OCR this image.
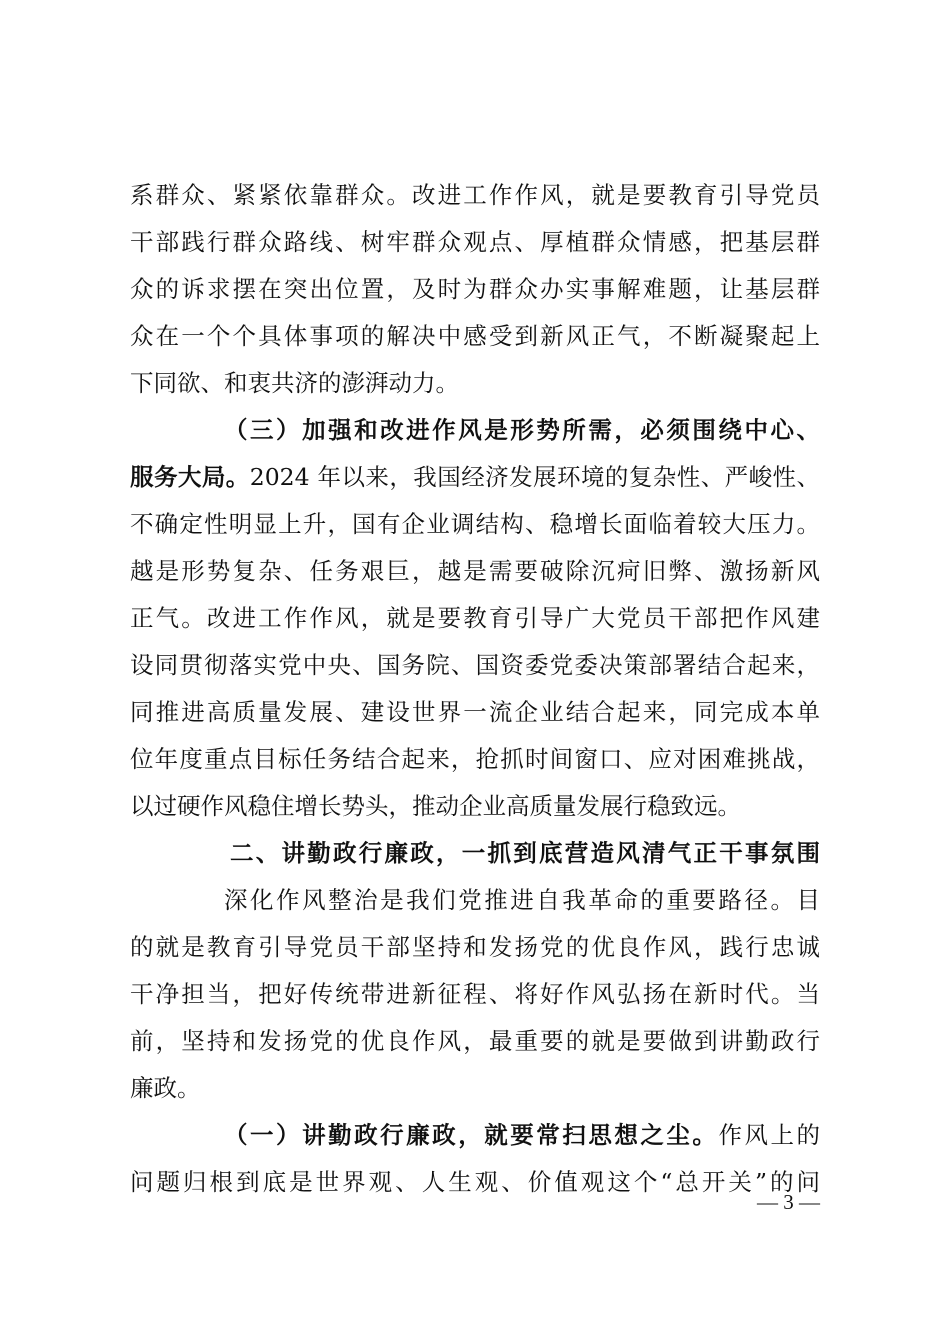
系群众、紧紧依靠群众。改进工作作风，就是要教育引导党员
干部践行群众路线、树牢群众观点、厚植群众情感，把基层群
众的诉求摆在突出位置，及时为群众办实事解难题，让基层群
众在一个个具体事项的解决中感受到新风正气，不断凝聚起上
下同欲、和衷共济的澎湃动力。
（三）加强和改进作风是形势所需，必须围绕中心、
服务大局。2024 年以来，我国经济发展环境的复杂性、严峻性、
不确定性明显上升，国有企业调结构、稳增长面临着较大压力。
越是形势复杂、任务艰巨，越是需要破除沉疴旧弊、激扬新风
正气。改进工作作风，就是要教育引导广大党员干部把作风建
设同贯彻落实党中央、国务院、国资委党委决策部署结合起来，
同推进高质量发展、建设世界一流企业结合起来，同完成本单
位年度重点目标任务结合起来，抢抓时间窗口、应对困难挑战，
以过硬作风稳住增长势头，推动企业高质量发展行稳致远。
二、讲勤政行廉政，一抓到底营造风清气正干事氛围
深化作风整治是我们党推进自我革命的重要路径。目
的就是教育引导党员干部坚持和发扬党的优良作风，践行忠诚
干净担当，把好传统带进新征程、将好作风弘扬在新时代。当
前，坚持和发扬党的优良作风，最重要的就是要做到讲勤政行
廉政。
（一）讲勤政行廉政，就要常扫思想之尘。作风上的
问题归根到底是世界观、人生观、价值观这个“总开关”的问
— 3 —
